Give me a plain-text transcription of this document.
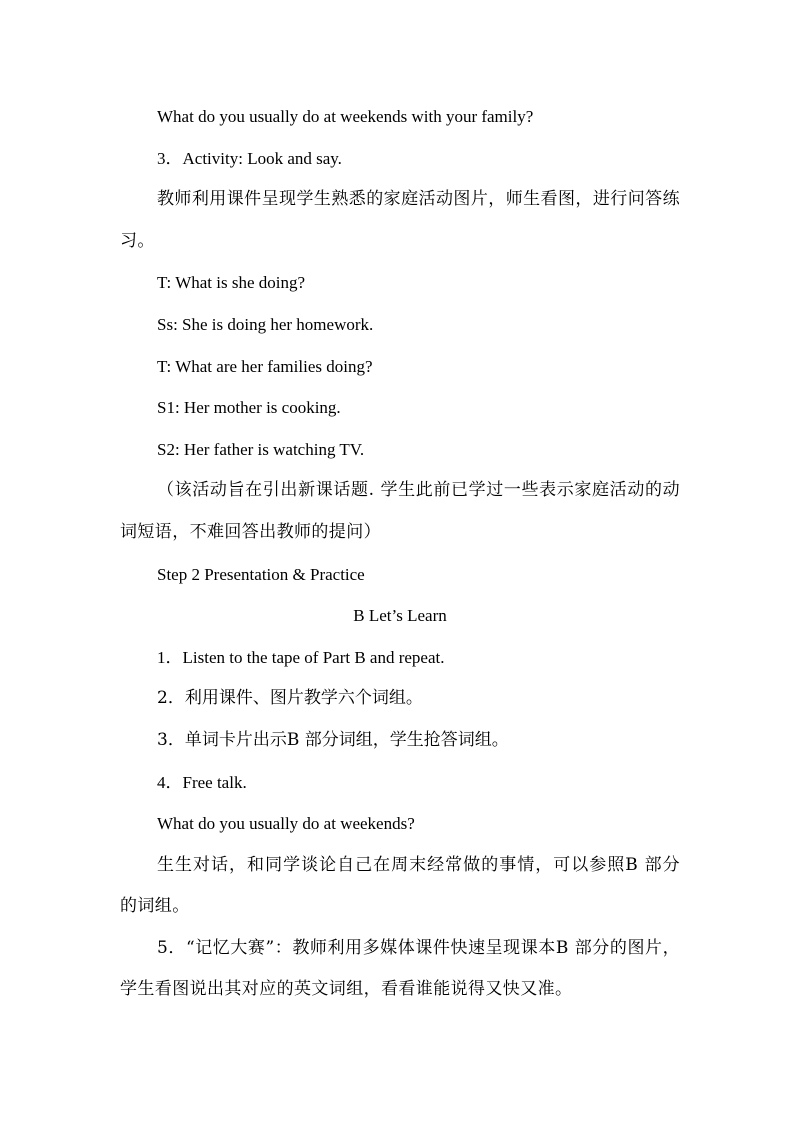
What do you usually do at weekends with your family?

3．Activity: Look and say.

教师利用课件呈现学生熟悉的家庭活动图片，师生看图，进行问答练习。

T: What is she doing?

Ss: She is doing her homework.

T: What are her families doing?

S1: Her mother is cooking.

S2: Her father is watching TV.

（该活动旨在引出新课话题. 学生此前已学过一些表示家庭活动的动词短语，不难回答出教师的提问）

Step 2 Presentation & Practice

B Let’s Learn

1．Listen to the tape of Part B and repeat.

2．利用课件、图片教学六个词组。

3．单词卡片出示B 部分词组，学生抢答词组。

4．Free talk.

What do you usually do at weekends?

生生对话，和同学谈论自己在周末经常做的事情，可以参照B 部分的词组。

5．“记忆大赛”：教师利用多媒体课件快速呈现课本B 部分的图片，学生看图说出其对应的英文词组，看看谁能说得又快又准。
